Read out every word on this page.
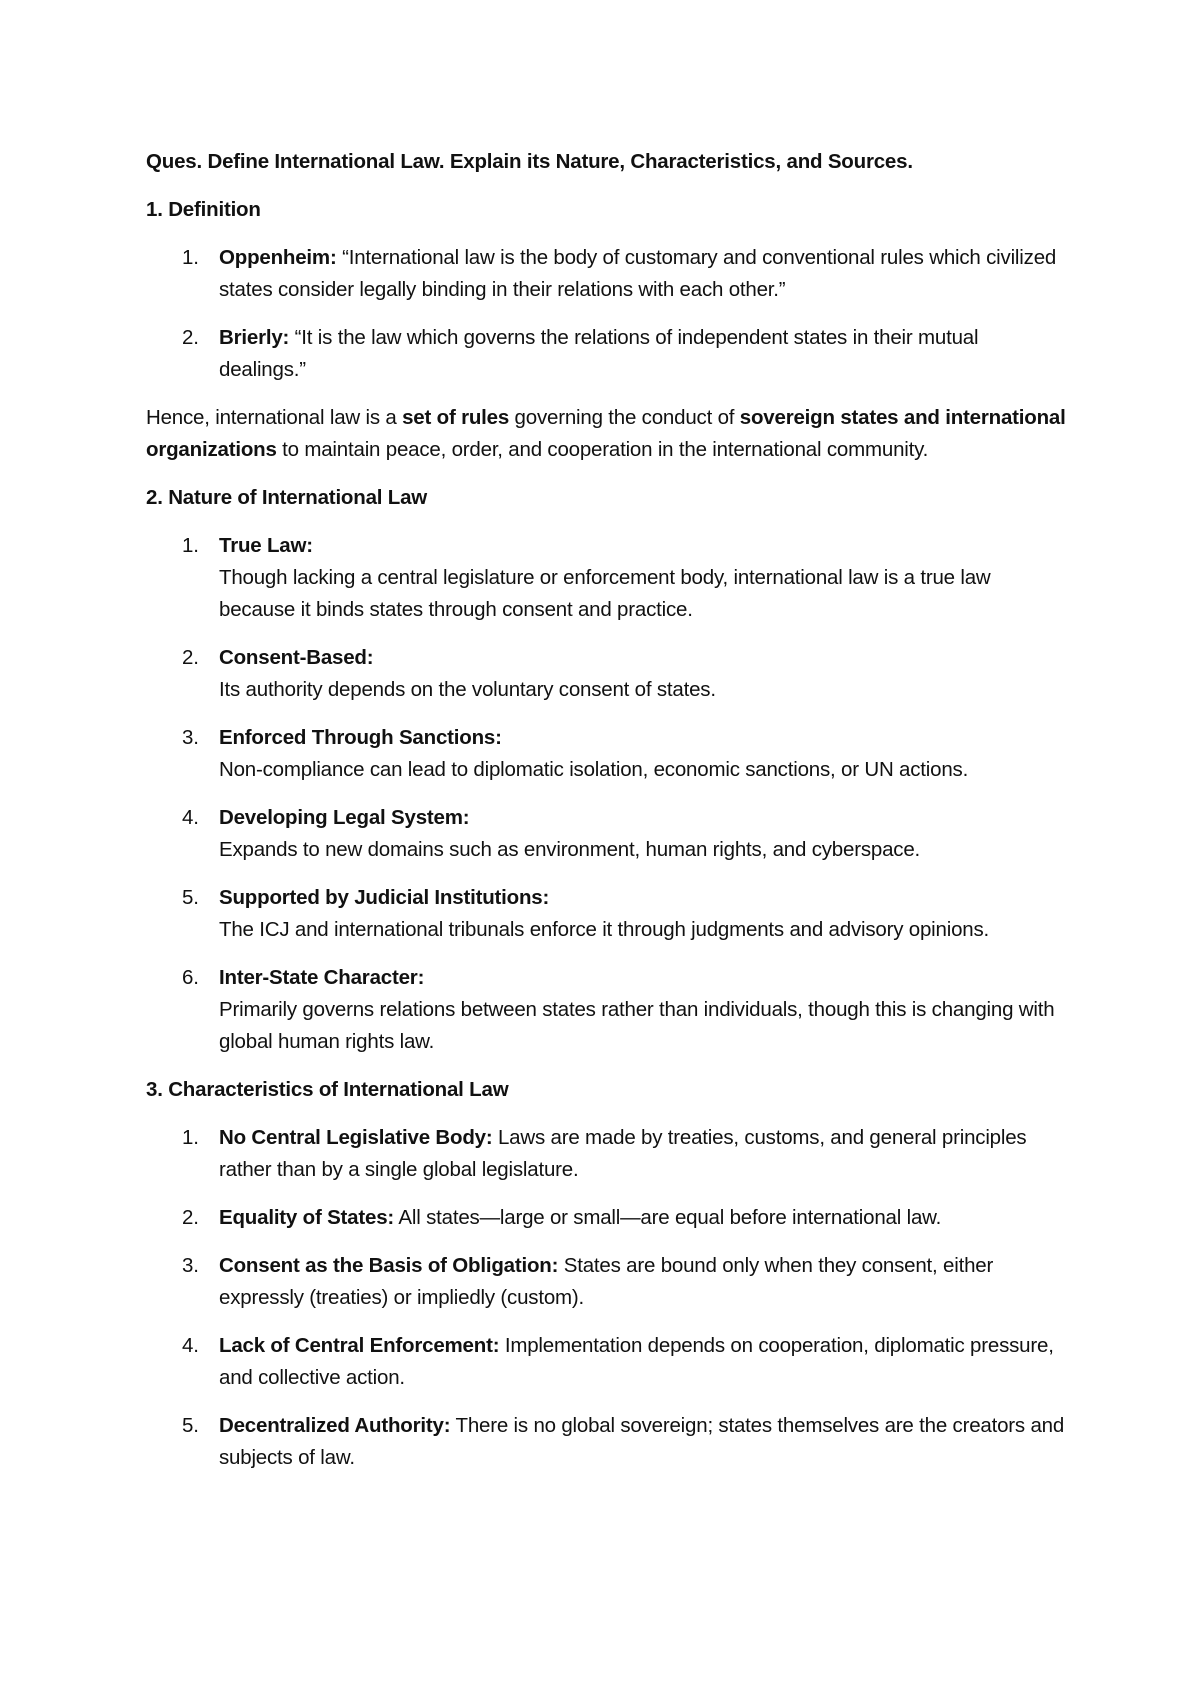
Ques. Define International Law. Explain its Nature, Characteristics, and Sources.
1. Definition
1. Oppenheim: “International law is the body of customary and conventional rules which civilized states consider legally binding in their relations with each other.”
2. Brierly: “It is the law which governs the relations of independent states in their mutual dealings.”
Hence, international law is a set of rules governing the conduct of sovereign states and international organizations to maintain peace, order, and cooperation in the international community.
2. Nature of International Law
1. True Law:
Though lacking a central legislature or enforcement body, international law is a true law because it binds states through consent and practice.
2. Consent-Based:
Its authority depends on the voluntary consent of states.
3. Enforced Through Sanctions:
Non-compliance can lead to diplomatic isolation, economic sanctions, or UN actions.
4. Developing Legal System:
Expands to new domains such as environment, human rights, and cyberspace.
5. Supported by Judicial Institutions:
The ICJ and international tribunals enforce it through judgments and advisory opinions.
6. Inter-State Character:
Primarily governs relations between states rather than individuals, though this is changing with global human rights law.
3. Characteristics of International Law
1. No Central Legislative Body: Laws are made by treaties, customs, and general principles rather than by a single global legislature.
2. Equality of States: All states—large or small—are equal before international law.
3. Consent as the Basis of Obligation: States are bound only when they consent, either expressly (treaties) or impliedly (custom).
4. Lack of Central Enforcement: Implementation depends on cooperation, diplomatic pressure, and collective action.
5. Decentralized Authority: There is no global sovereign; states themselves are the creators and subjects of law.
